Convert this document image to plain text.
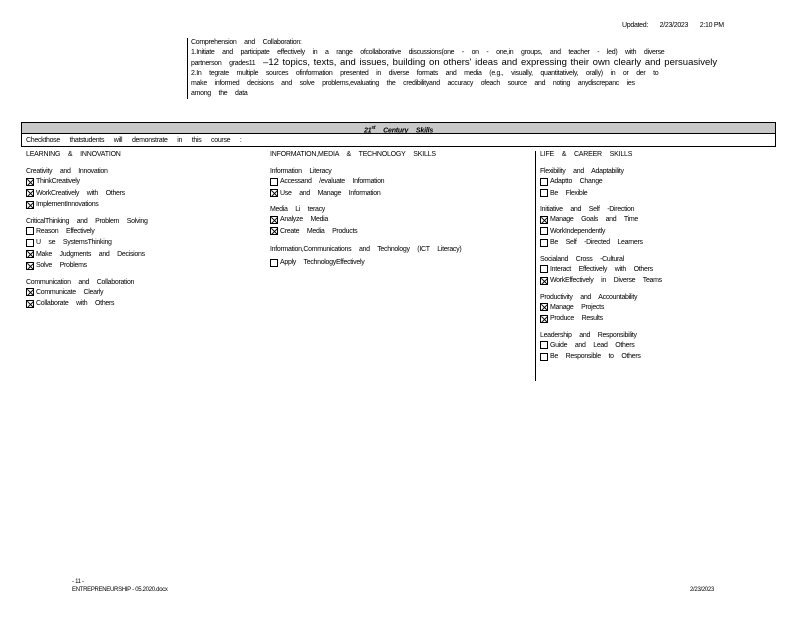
Updated: 2/23/2023 2:10 PM
Comprehension and Collaboration:
1.Initiate and participate effectively in a range ofcollaborative discussions(one - on - one,in groups, and teacher - led) with diverse
partnerson grades11 –12 topics, texts, and issues, building on others' ideas and expressing their own clearly and persuasively
2.In tegrate multiple sources ofinformation presented in diverse formats and media (e.g., visually, quantitatively, orally) in or der to
make informed decisions and solve problems,evaluating the credibilityand accuracy ofeach source and noting anydiscrepanc ies
among the data
21st Century Skills
Checkthose thatstudents will demonstrate in this course :
LEARNING & INNOVATION
Creativity and Innovation
ThinkCreatively
WorkCreatively with Others
ImplementInnovations
CriticalThinking and Problem Solving
Reason Effectively
U se SystemsThinking
Make Judgments and Decisions
Solve Problems
Communication and Collaboration
Communicate Clearly
Collaborate with Others
INFORMATION,MEDIA & TECHNOLOGY SKILLS
Information Literacy
Accessand /evaluate Information
Use and Manage Information
Media Li teracy
Analyze Media
Create Media Products
Information,Communications and Technology (ICT Literacy)
Apply TechnologyEffectively
LIFE & CAREER SKILLS
Flexibility and Adaptability
Adaptto Change
Be Flexible
Initiative and Self -Direction
Manage Goals and Time
WorkIndependently
Be Self -Directed Learners
Socialand Cross -Cultural
Interact Effectively with Others
WorkEffectively in Diverse Teams
Productivity and Accountability
Manage Projects
Produce Results
Leadership and Responsibility
Guide and Lead Others
Be Responsible to Others
- 11 -
ENTREPRENEURSHIP - 05.2020.docx	2/23/2023
